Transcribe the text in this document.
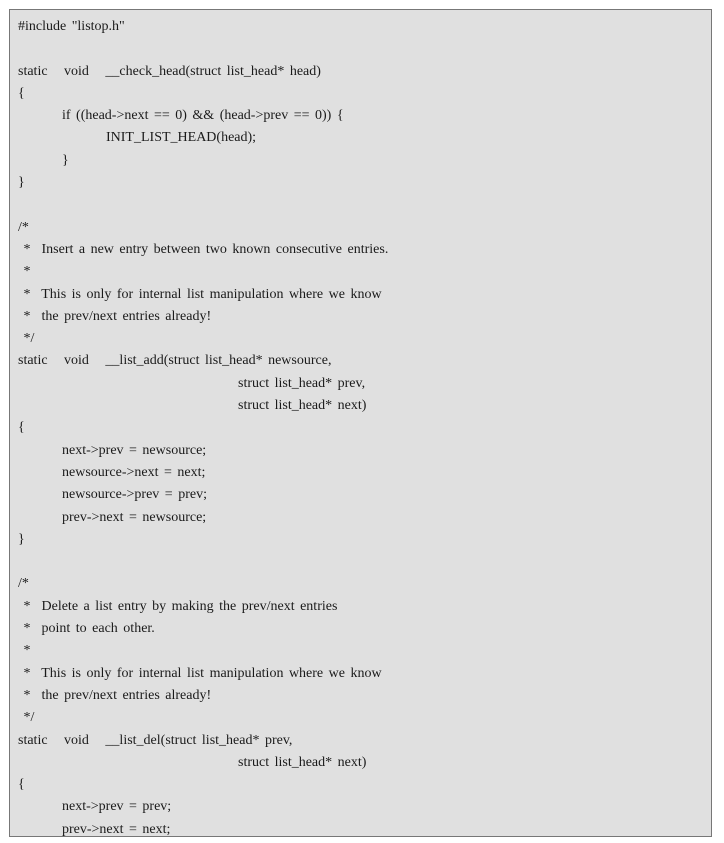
#include "listop.h"
static   void   __check_head(struct list_head* head)
{
if ((head->next == 0) && (head->prev == 0)) {
INIT_LIST_HEAD(head);
}
}
/*
*  Insert a new entry between two known consecutive entries.
*
*  This is only for internal list manipulation where we know
*  the prev/next entries already!
*/
static   void   __list_add(struct list_head* newsource,
struct list_head* prev,
struct list_head* next)
{
next->prev = newsource;
newsource->next = next;
newsource->prev = prev;
prev->next = newsource;
}
/*
*  Delete a list entry by making the prev/next entries
*  point to each other.
*
*  This is only for internal list manipulation where we know
*  the prev/next entries already!
*/
static   void   __list_del(struct list_head* prev,
struct list_head* next)
{
next->prev = prev;
prev->next = next;
